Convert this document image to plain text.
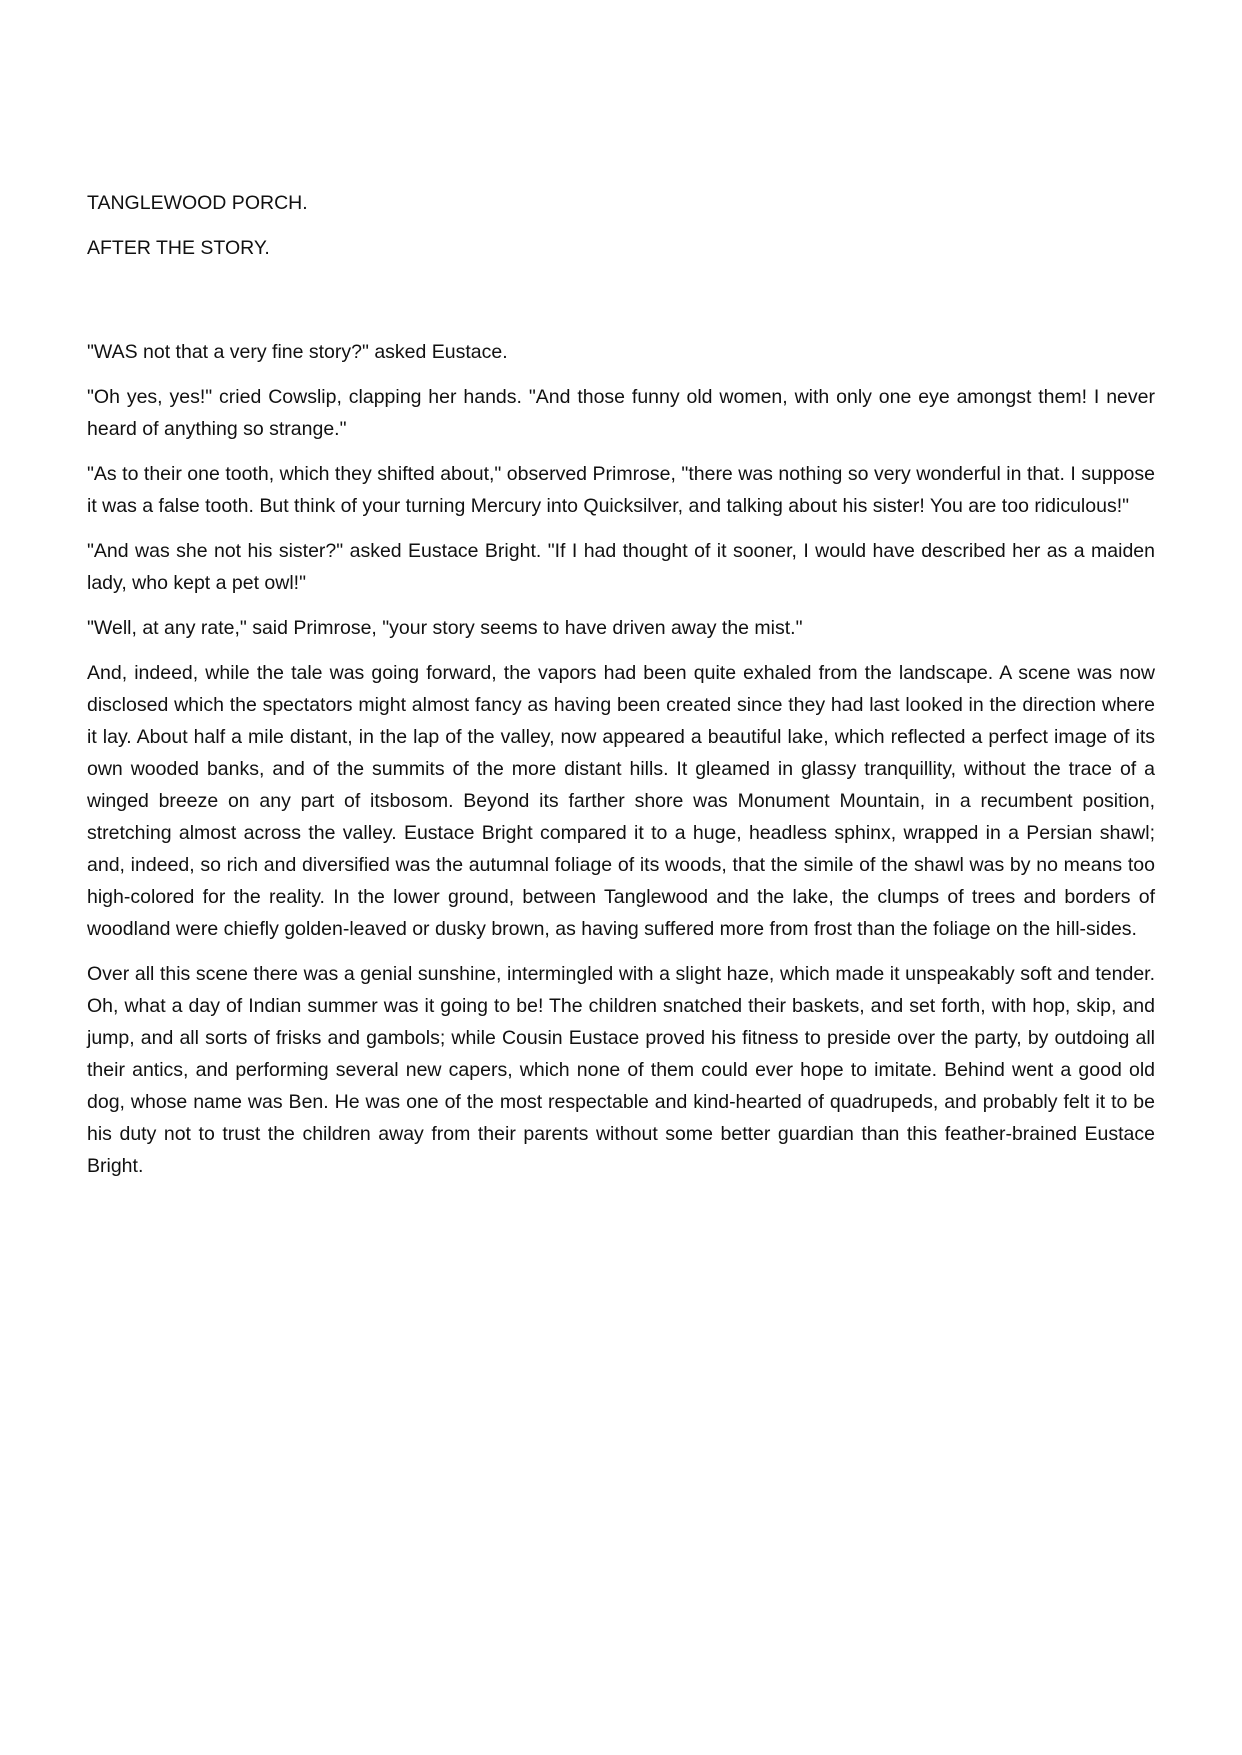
TANGLEWOOD PORCH.

AFTER THE STORY.

"WAS not that a very fine story?" asked Eustace.

"Oh yes, yes!" cried Cowslip, clapping her hands. "And those funny old women, with only one eye amongst them! I never heard of anything so strange."

"As to their one tooth, which they shifted about," observed Primrose, "there was nothing so very wonderful in that. I suppose it was a false tooth. But think of your turning Mercury into Quicksilver, and talking about his sister! You are too ridiculous!"

"And was she not his sister?" asked Eustace Bright. "If I had thought of it sooner, I would have described her as a maiden lady, who kept a pet owl!"

"Well, at any rate," said Primrose, "your story seems to have driven away the mist."

And, indeed, while the tale was going forward, the vapors had been quite exhaled from the landscape. A scene was now disclosed which the spectators might almost fancy as having been created since they had last looked in the direction where it lay. About half a mile distant, in the lap of the valley, now appeared a beautiful lake, which reflected a perfect image of its own wooded banks, and of the summits of the more distant hills. It gleamed in glassy tranquillity, without the trace of a winged breeze on any part of itsbosom. Beyond its farther shore was Monument Mountain, in a recumbent position, stretching almost across the valley. Eustace Bright compared it to a huge, headless sphinx, wrapped in a Persian shawl; and, indeed, so rich and diversified was the autumnal foliage of its woods, that the simile of the shawl was by no means too high-colored for the reality. In the lower ground, between Tanglewood and the lake, the clumps of trees and borders of woodland were chiefly golden-leaved or dusky brown, as having suffered more from frost than the foliage on the hill-sides.

Over all this scene there was a genial sunshine, intermingled with a slight haze, which made it unspeakably soft and tender. Oh, what a day of Indian summer was it going to be! The children snatched their baskets, and set forth, with hop, skip, and jump, and all sorts of frisks and gambols; while Cousin Eustace proved his fitness to preside over the party, by outdoing all their antics, and performing several new capers, which none of them could ever hope to imitate. Behind went a good old dog, whose name was Ben. He was one of the most respectable and kind-hearted of quadrupeds, and probably felt it to be his duty not to trust the children away from their parents without some better guardian than this feather-brained Eustace Bright.
